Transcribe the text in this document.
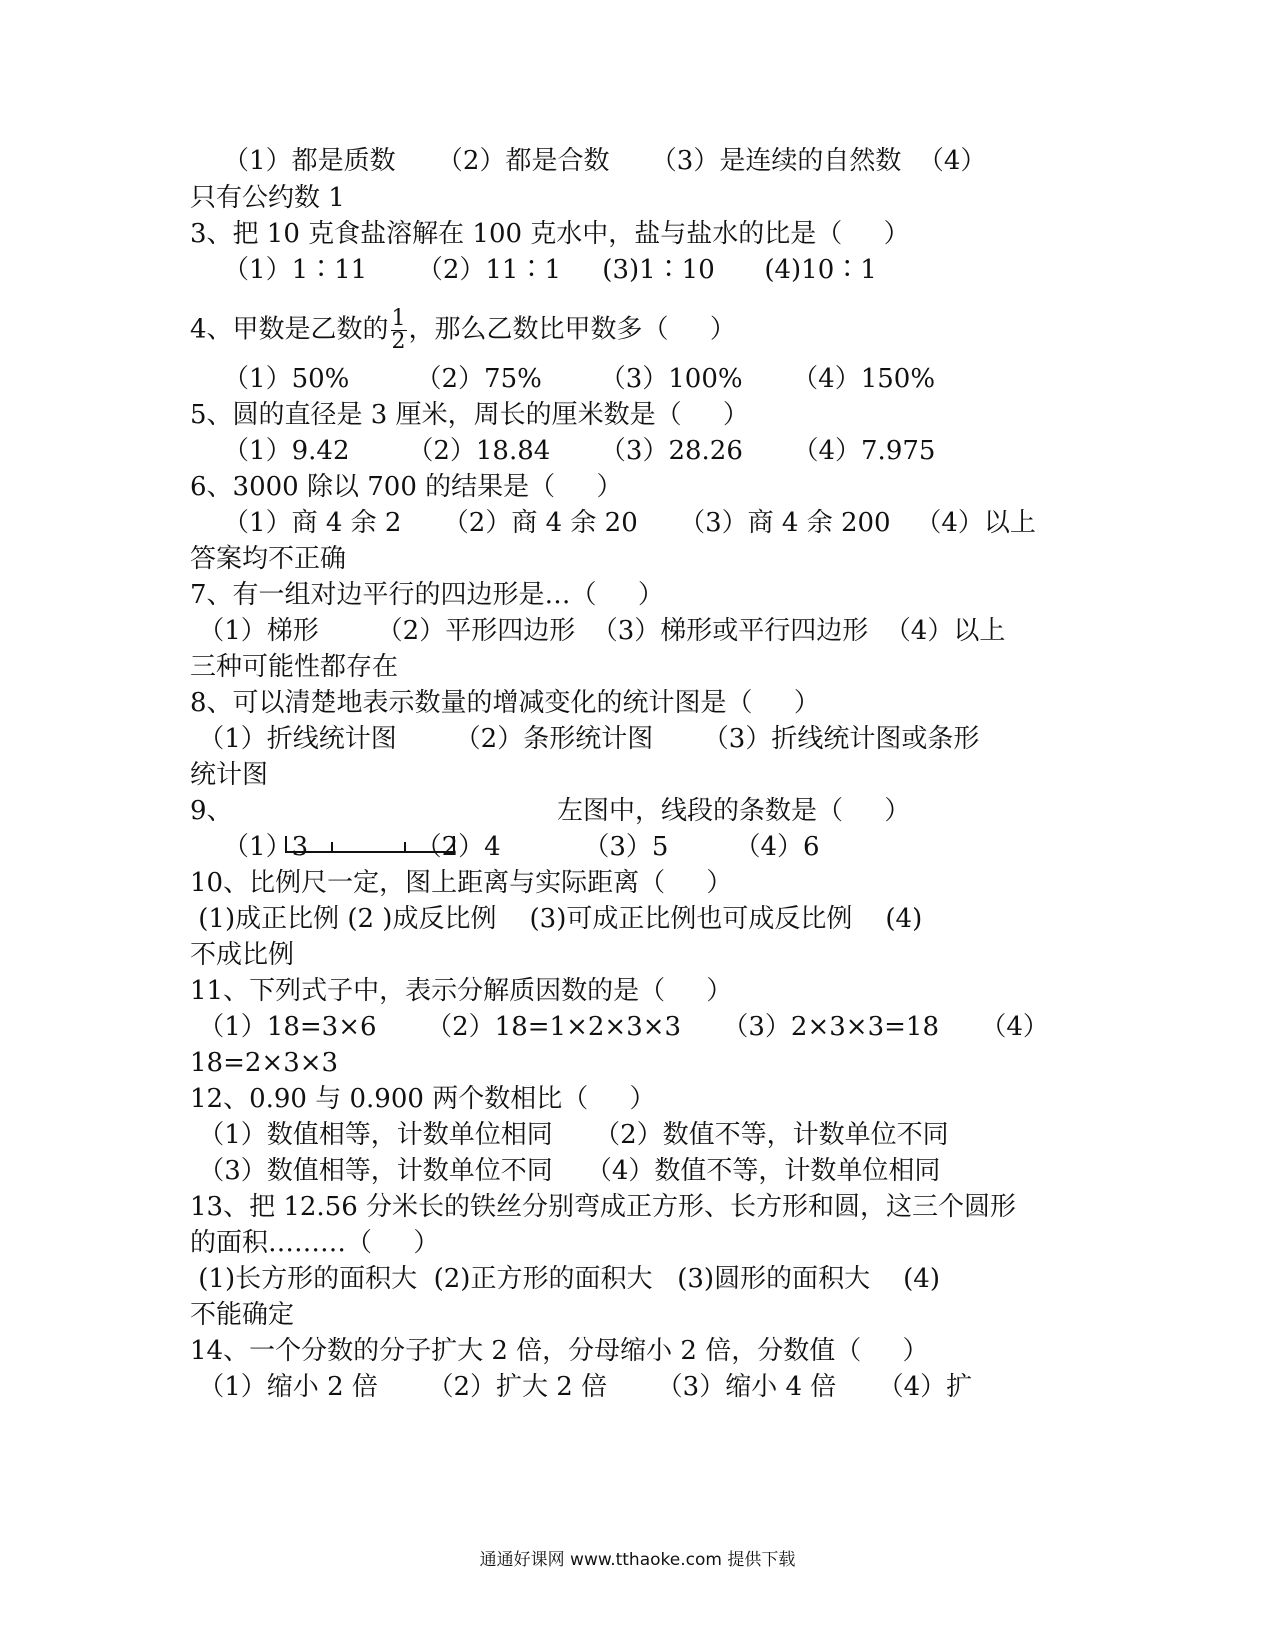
（1）都是质数     （2）都是合数     （3）是连续的自然数  （4）
只有公约数 1
3、把 10 克食盐溶解在 100 克水中，盐与盐水的比是（     ）
（1）1∶11      （2）11∶1     (3)1∶10      (4)10∶1
4、甲数是乙数的 $\frac{1}{2}$ ，那么乙数比甲数多（     ）
（1）50%        （2）75%       （3）100%      （4）150%
5、圆的直径是 3 厘米，周长的厘米数是（     ）
（1）9.42       （2）18.84      （3）28.26      （4）7.975
6、3000 除以 700 的结果是（     ）
（1）商 4 余 2     （2）商 4 余 20     （3）商 4 余 200   （4）以上
答案均不正确
7、有一组对边平行的四边形是…（     ）
（1）梯形       （2）平形四边形  （3）梯形或平行四边形  （4）以上
三种可能性都存在
8、可以清楚地表示数量的增减变化的统计图是（     ）
（1）折线统计图       （2）条形统计图      （3）折线统计图或条形
统计图
9、	左图中，线段的条数是（     ）
（1）3             （2）4          （3）5        （4）6
10、比例尺一定，图上距离与实际距离（     ）
(1)成正比例 (2 )成反比例    (3)可成正比例也可成反比例    (4)
不成比例
11、下列式子中，表示分解质因数的是（     ）
（1）18=3×6      （2）18=1×2×3×3     （3）2×3×3=18     （4）
18=2×3×3
12、0.90 与 0.900 两个数相比（     ）
（1）数值相等，计数单位相同     （2）数值不等，计数单位不同
（3）数值相等，计数单位不同    （4）数值不等，计数单位相同
13、把 12.56 分米长的铁丝分别弯成正方形、长方形和圆，这三个圆形
的面积………（     ）
(1)长方形的面积大  (2)正方形的面积大   (3)圆形的面积大    (4)
不能确定
14、一个分数的分子扩大 2 倍，分母缩小 2 倍，分数值（     ）
（1）缩小 2 倍      （2）扩大 2 倍      （3）缩小 4 倍     （4）扩
通通好课网 www.tthaoke.com 提供下载
